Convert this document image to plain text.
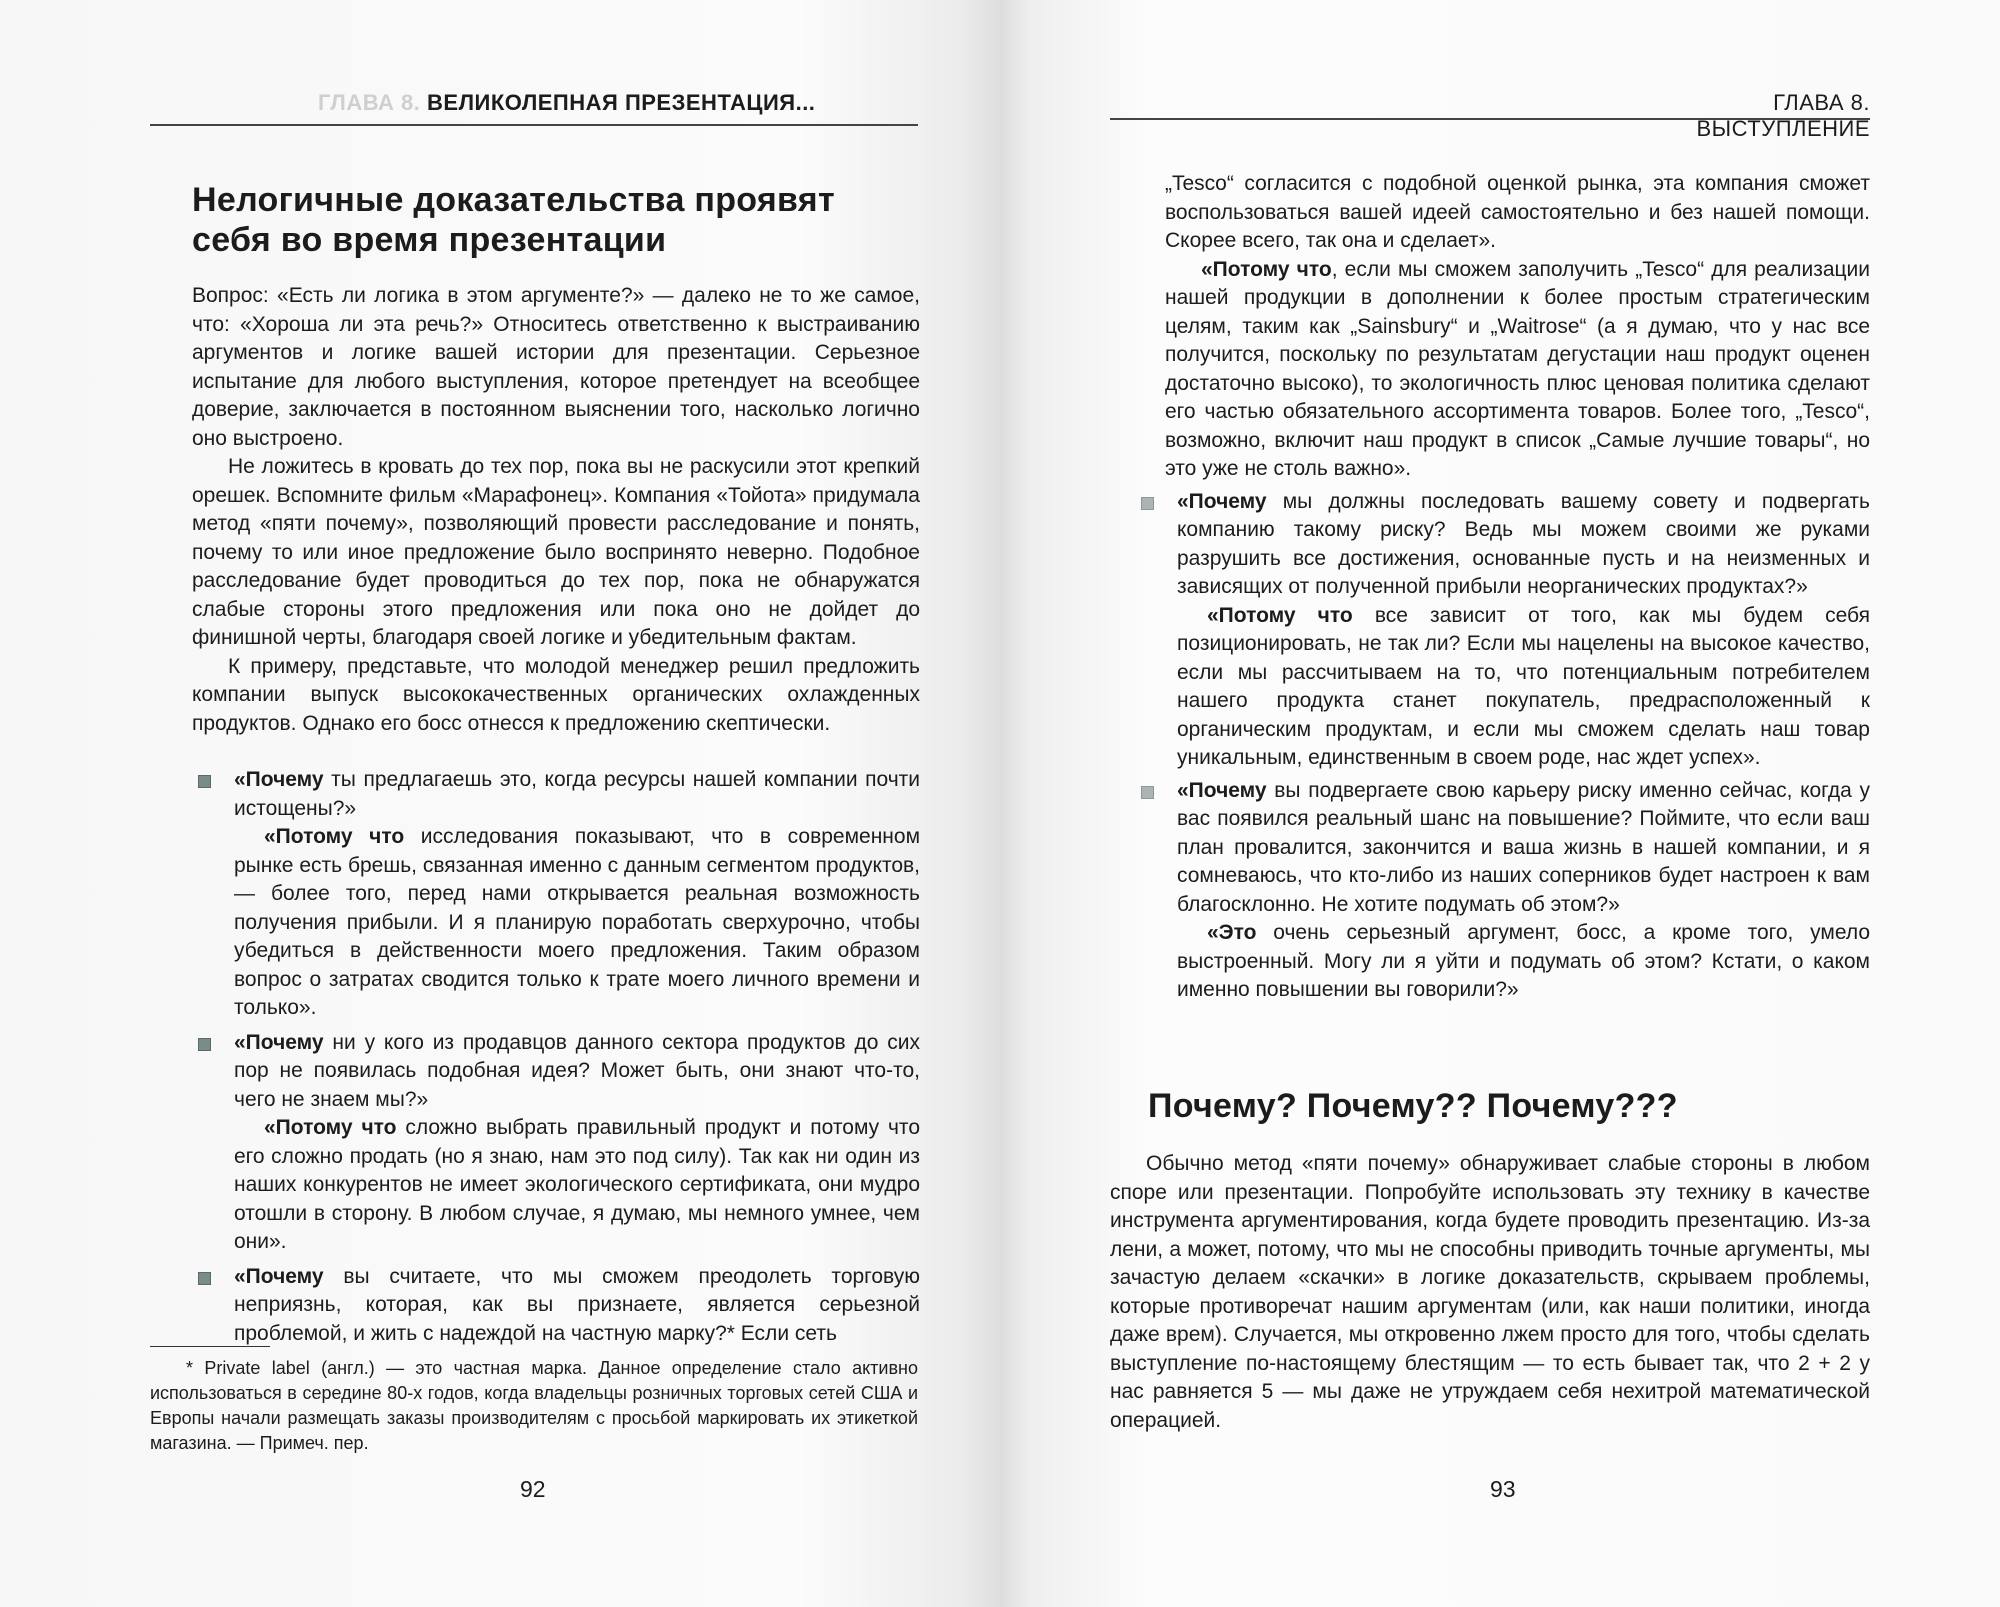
ГЛАВА 8. ВЕЛИКОЛЕПНАЯ ПРЕЗЕНТАЦИЯ...
Нелогичные доказательства проявят себя во время презентации

Вопрос: «Есть ли логика в этом аргументе?» — далеко не то же самое, что: «Хороша ли эта речь?» Относитесь ответственно к выстраиванию аргументов и логике вашей истории для презентации. Серьезное испытание для любого выступления, которое претендует на всеобщее доверие, заключается в постоянном выяснении того, насколько логично оно выстроено.

Не ложитесь в кровать до тех пор, пока вы не раскусили этот крепкий орешек. Вспомните фильм «Марафонец». Компания «Тойота» придумала метод «пяти почему», позволяющий провести расследование и понять, почему то или иное предложение было воспринято неверно. Подобное расследование будет проводиться до тех пор, пока не обнаружатся слабые стороны этого предложения или пока оно не дойдет до финишной черты, благодаря своей логике и убедительным фактам.

К примеру, представьте, что молодой менеджер решил предложить компании выпуск высококачественных органических охлажденных продуктов. Однако его босс отнесся к предложению скептически.

«Почему ты предлагаешь это, когда ресурсы нашей компании почти истощены?»

«Потому что исследования показывают, что в современном рынке есть брешь, связанная именно с данным сегментом продуктов, — более того, перед нами открывается реальная возможность получения прибыли. И я планирую поработать сверхурочно, чтобы убедиться в действенности моего предложения. Таким образом вопрос о затратах сводится только к трате моего личного времени и только».

«Почему ни у кого из продавцов данного сектора продуктов до сих пор не появилась подобная идея? Может быть, они знают что-то, чего не знаем мы?»

«Потому что сложно выбрать правильный продукт и потому что его сложно продать (но я знаю, нам это под силу). Так как ни один из наших конкурентов не имеет экологического сертификата, они мудро отошли в сторону. В любом случае, я думаю, мы немного умнее, чем они».

«Почему вы считаете, что мы сможем преодолеть торговую неприязнь, которая, как вы признаете, является серьезной проблемой, и жить с надеждой на частную марку?* Если сеть

* Private label (англ.) — это частная марка. Данное определение стало активно использоваться в середине 80-х годов, когда владельцы розничных торговых сетей США и Европы начали размещать заказы производителям с просьбой маркировать их этикеткой магазина. — Примеч. пер.

92
ГЛАВА 8. ВЫСТУПЛЕНИЕ

„Tesco“ согласится с подобной оценкой рынка, эта компания сможет воспользоваться вашей идеей самостоятельно и без нашей помощи. Скорее всего, так она и сделает».

«Потому что, если мы сможем заполучить „Tesco“ для реализации нашей продукции в дополнении к более простым стратегическим целям, таким как „Sainsbury“ и „Waitrose“ (а я думаю, что у нас все получится, поскольку по результатам дегустации наш продукт оценен достаточно высоко), то экологичность плюс ценовая политика сделают его частью обязательного ассортимента товаров. Более того, „Tesco“, возможно, включит наш продукт в список „Самые лучшие товары“, но это уже не столь важно».

«Почему мы должны последовать вашему совету и подвергать компанию такому риску? Ведь мы можем своими же руками разрушить все достижения, основанные пусть и на неизменных и зависящих от полученной прибыли неорганических продуктах?»

«Потому что все зависит от того, как мы будем себя позиционировать, не так ли? Если мы нацелены на высокое качество, если мы рассчитываем на то, что потенциальным потребителем нашего продукта станет покупатель, предрасположенный к органическим продуктам, и если мы сможем сделать наш товар уникальным, единственным в своем роде, нас ждет успех».

«Почему вы подвергаете свою карьеру риску именно сейчас, когда у вас появился реальный шанс на повышение? Поймите, что если ваш план провалится, закончится и ваша жизнь в нашей компании, и я сомневаюсь, что кто-либо из наших соперников будет настроен к вам благосклонно. Не хотите подумать об этом?»

«Это очень серьезный аргумент, босс, а кроме того, умело выстроенный. Могу ли я уйти и подумать об этом? Кстати, о каком именно повышении вы говорили?»

Почему? Почему?? Почему???

Обычно метод «пяти почему» обнаруживает слабые стороны в любом споре или презентации. Попробуйте использовать эту технику в качестве инструмента аргументирования, когда будете проводить презентацию. Из-за лени, а может, потому, что мы не способны приводить точные аргументы, мы зачастую делаем «скачки» в логике доказательств, скрываем проблемы, которые противоречат нашим аргументам (или, как наши политики, иногда даже врем). Случается, мы откровенно лжем просто для того, чтобы сделать выступление по-настоящему блестящим — то есть бывает так, что 2 + 2 у нас равняется 5 — мы даже не утруждаем себя нехитрой математической операцией.

93
